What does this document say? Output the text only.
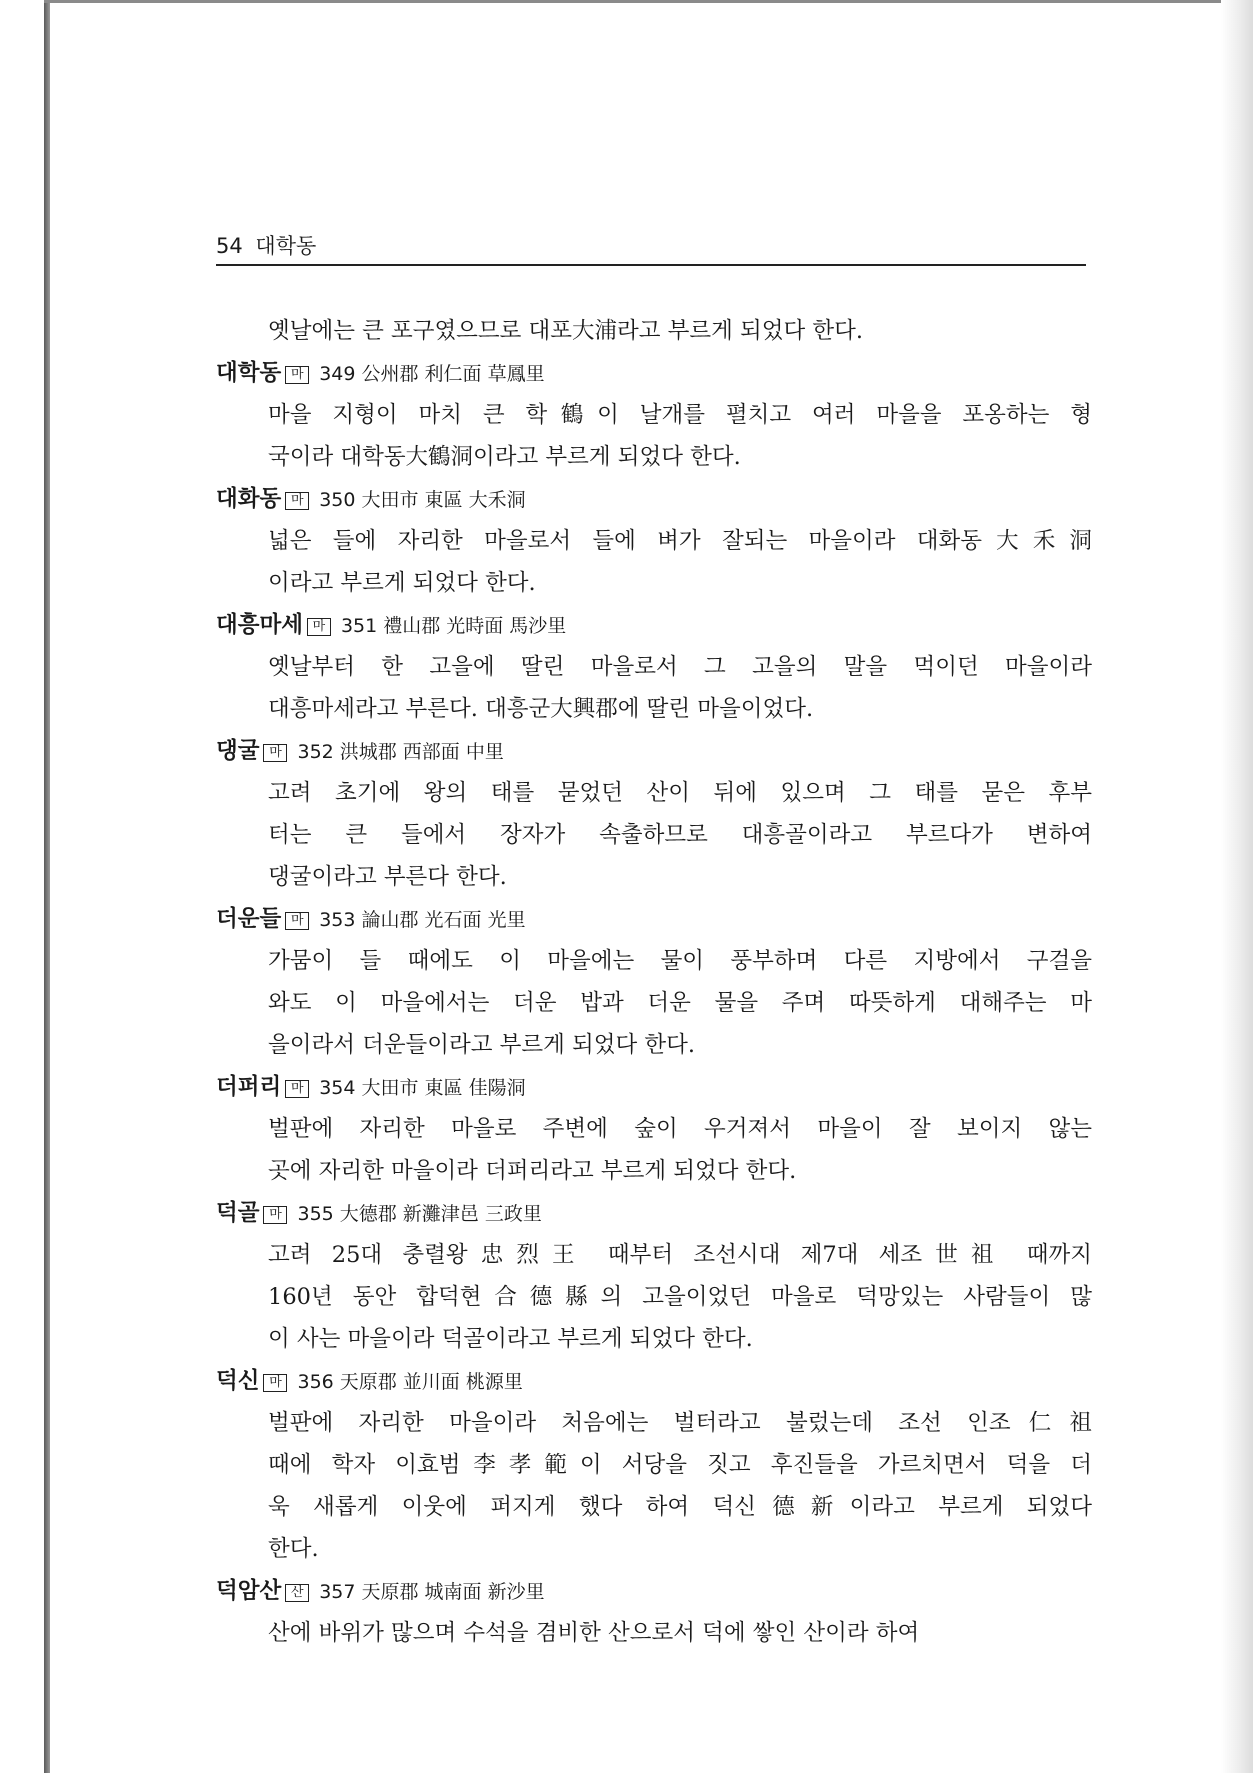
54 대학동
옛날에는 큰 포구였으므로 대포大浦라고 부르게 되었다 한다.
대학동 마 349 公州郡 利仁面 草鳳里
마을 지형이 마치 큰 학鶴이 날개를 펼치고 여러 마을을 포옹하는 형
국이라 대학동大鶴洞이라고 부르게 되었다 한다.
대화동 마 350 大田市 東區 大禾洞
넓은 들에 자리한 마을로서 들에 벼가 잘되는 마을이라 대화동大禾洞
이라고 부르게 되었다 한다.
대흥마세 마 351 禮山郡 光時面 馬沙里
옛날부터 한 고을에 딸린 마을로서 그 고을의 말을 먹이던 마을이라
대흥마세라고 부른다. 대흥군大興郡에 딸린 마을이었다.
댕굴 마 352 洪城郡 西部面 中里
고려 초기에 왕의 태를 묻었던 산이 뒤에 있으며 그 태를 묻은 후부
터는 큰 들에서 장자가 속출하므로 대흥골이라고 부르다가 변하여
댕굴이라고 부른다 한다.
더운들 마 353 論山郡 光石面 光里
가뭄이 들 때에도 이 마을에는 물이 풍부하며 다른 지방에서 구걸을
와도 이 마을에서는 더운 밥과 더운 물을 주며 따뜻하게 대해주는 마
을이라서 더운들이라고 부르게 되었다 한다.
더퍼리 마 354 大田市 東區 佳陽洞
벌판에 자리한 마을로 주변에 숲이 우거져서 마을이 잘 보이지 않는
곳에 자리한 마을이라 더퍼리라고 부르게 되었다 한다.
덕골 마 355 大德郡 新灘津邑 三政里
고려 25대 충렬왕忠烈王 때부터 조선시대 제7대 세조世祖 때까지
160년 동안 합덕현合德縣의 고을이었던 마을로 덕망있는 사람들이 많
이 사는 마을이라 덕골이라고 부르게 되었다 한다.
덕신 마 356 天原郡 並川面 桃源里
벌판에 자리한 마을이라 처음에는 벌터라고 불렀는데 조선 인조仁祖
때에 학자 이효범李孝範이 서당을 짓고 후진들을 가르치면서 덕을 더
욱 새롭게 이웃에 퍼지게 했다 하여 덕신德新이라고 부르게 되었다
한다.
덕암산 산 357 天原郡 城南面 新沙里
산에 바위가 많으며 수석을 겸비한 산으로서 덕에 쌓인 산이라 하여
